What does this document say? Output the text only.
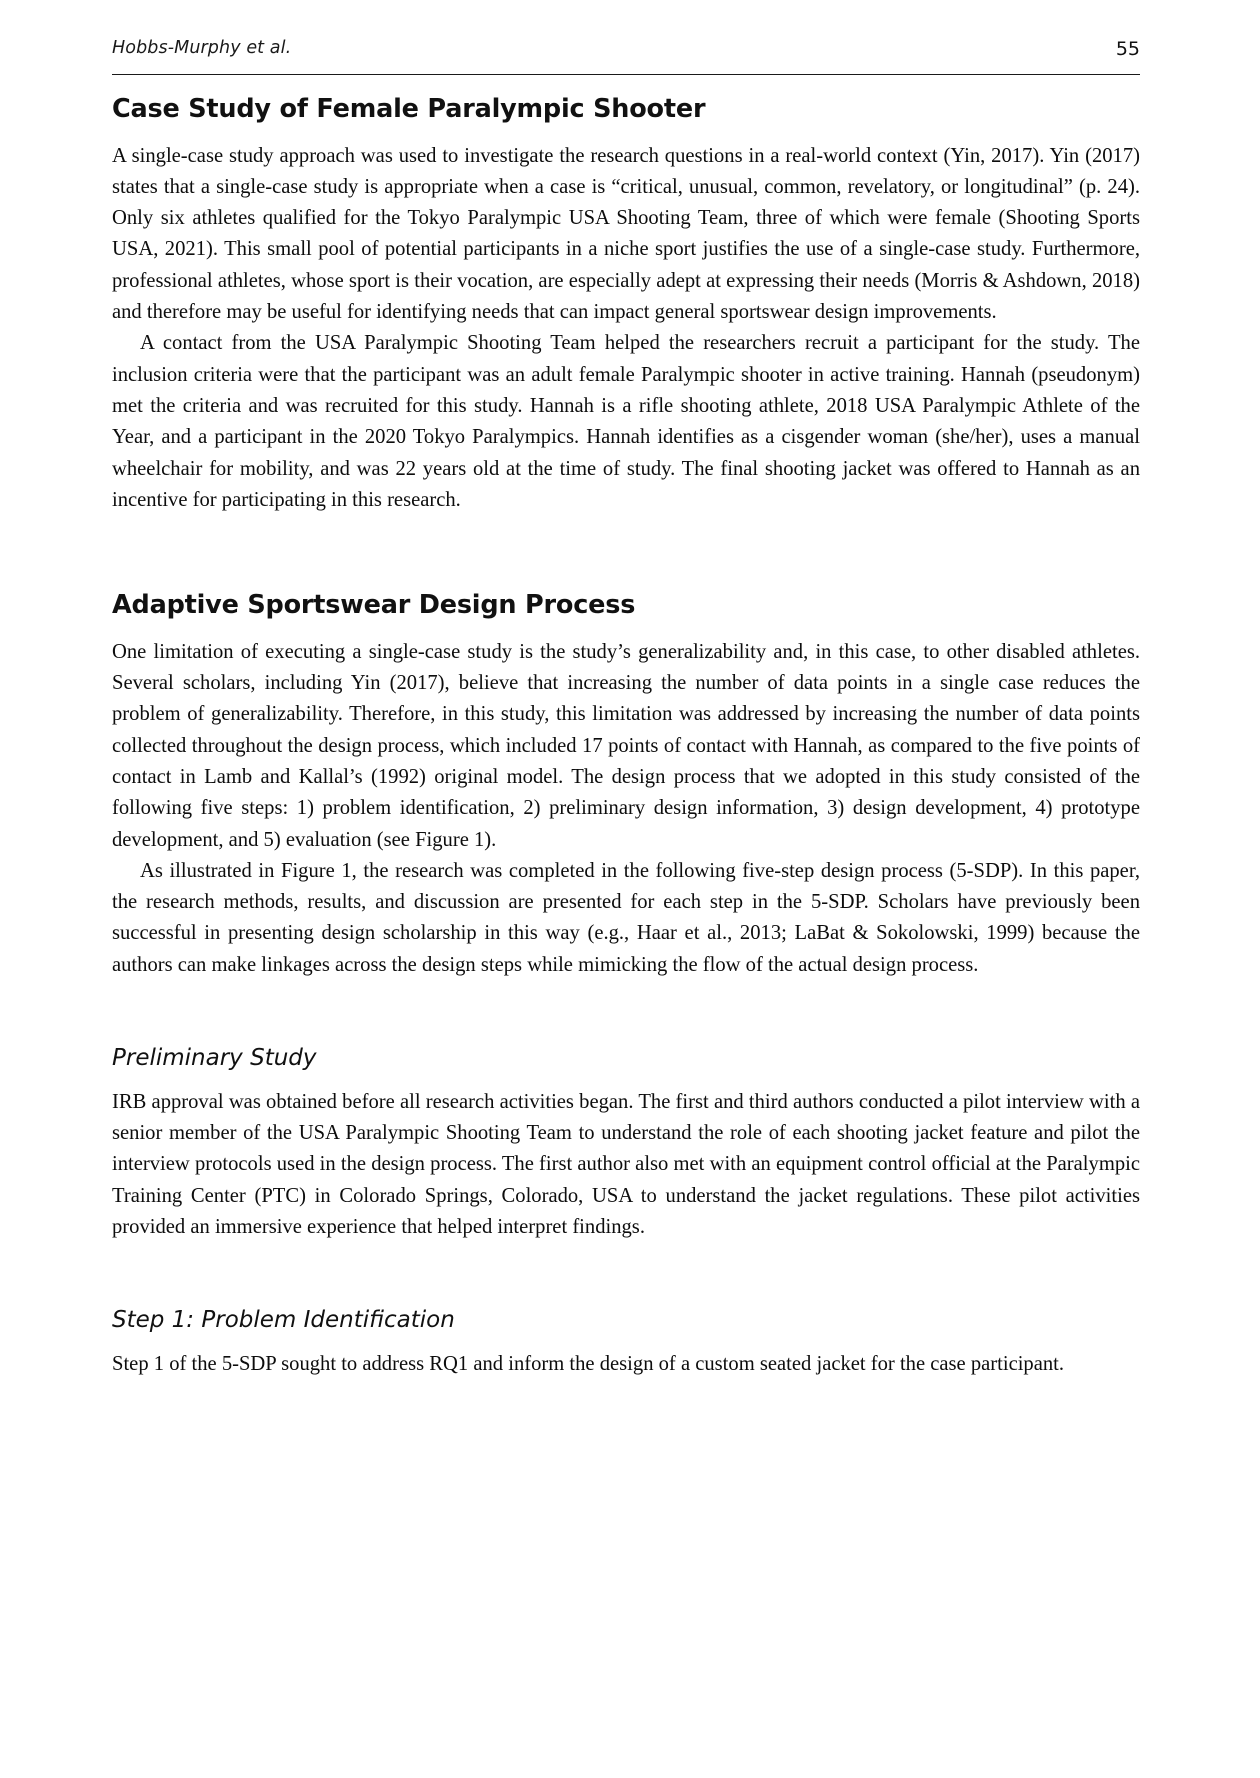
Hobbs-Murphy et al.	55
Case Study of Female Paralympic Shooter

A single-case study approach was used to investigate the research questions in a real-world context (Yin, 2017). Yin (2017) states that a single-case study is appropriate when a case is “critical, unusual, common, revelatory, or longitudinal” (p. 24). Only six athletes qualified for the Tokyo Paralympic USA Shooting Team, three of which were female (Shooting Sports USA, 2021). This small pool of potential participants in a niche sport justifies the use of a single-case study. Furthermore, professional athletes, whose sport is their vocation, are especially adept at expressing their needs (Morris & Ashdown, 2018) and therefore may be useful for identifying needs that can impact general sportswear design improvements.

A contact from the USA Paralympic Shooting Team helped the researchers recruit a participant for the study. The inclusion criteria were that the participant was an adult female Paralympic shooter in active training. Hannah (pseudonym) met the criteria and was recruited for this study. Hannah is a rifle shooting athlete, 2018 USA Paralympic Athlete of the Year, and a participant in the 2020 Tokyo Paralympics. Hannah identifies as a cisgender woman (she/her), uses a manual wheelchair for mobility, and was 22 years old at the time of study. The final shooting jacket was offered to Hannah as an incentive for participating in this research.

Adaptive Sportswear Design Process

One limitation of executing a single-case study is the study’s generalizability and, in this case, to other disabled athletes. Several scholars, including Yin (2017), believe that increasing the number of data points in a single case reduces the problem of generalizability. Therefore, in this study, this limitation was addressed by increasing the number of data points collected throughout the design process, which included 17 points of contact with Hannah, as compared to the five points of contact in Lamb and Kallal’s (1992) original model. The design process that we adopted in this study consisted of the following five steps: 1) problem identification, 2) preliminary design information, 3) design development, 4) prototype development, and 5) evaluation (see Figure 1).

As illustrated in Figure 1, the research was completed in the following five-step design process (5-SDP). In this paper, the research methods, results, and discussion are presented for each step in the 5-SDP. Scholars have previously been successful in presenting design scholarship in this way (e.g., Haar et al., 2013; LaBat & Sokolowski, 1999) because the authors can make linkages across the design steps while mimicking the flow of the actual design process.

Preliminary Study

IRB approval was obtained before all research activities began. The first and third authors conducted a pilot interview with a senior member of the USA Paralympic Shooting Team to understand the role of each shooting jacket feature and pilot the interview protocols used in the design process. The first author also met with an equipment control official at the Paralympic Training Center (PTC) in Colorado Springs, Colorado, USA to understand the jacket regulations. These pilot activities provided an immersive experience that helped interpret findings.

Step 1: Problem Identification

Step 1 of the 5-SDP sought to address RQ1 and inform the design of a custom seated jacket for the case participant.
